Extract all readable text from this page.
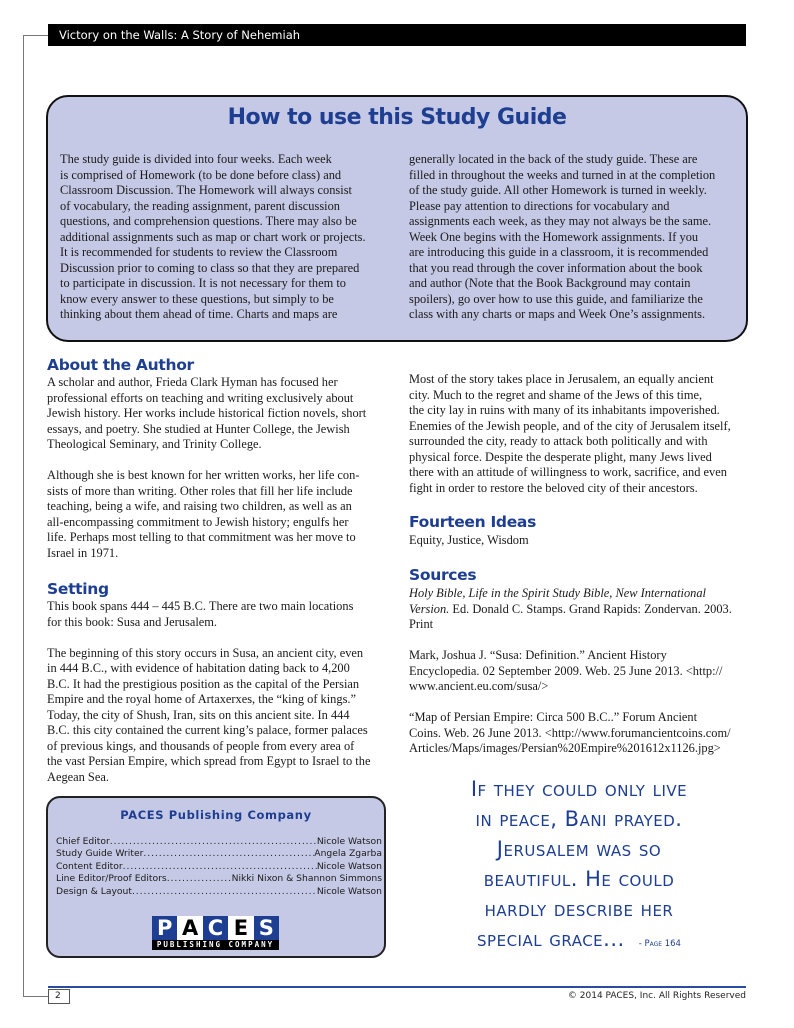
Victory on the Walls: A Story of Nehemiah
How to use this Study Guide
The study guide is divided into four weeks. Each week
is comprised of Homework (to be done before class) and
Classroom Discussion. The Homework will always consist
of vocabulary, the reading assignment, parent discussion
questions, and comprehension questions. There may also be
additional assignments such as map or chart work or projects.
It is recommended for students to review the Classroom
Discussion prior to coming to class so that they are prepared
to participate in discussion. It is not necessary for them to
know every answer to these questions, but simply to be
thinking about them ahead of time. Charts and maps are
generally located in the back of the study guide. These are
filled in throughout the weeks and turned in at the completion
of the study guide. All other Homework is turned in weekly.
Please pay attention to directions for vocabulary and
assignments each week, as they may not always be the same.
Week One begins with the Homework assignments. If you
are introducing this guide in a classroom, it is recommended
that you read through the cover information about the book
and author (Note that the Book Background may contain
spoilers), go over how to use this guide, and familiarize the
class with any charts or maps and Week One’s assignments.
About the Author
A scholar and author, Frieda Clark Hyman has focused her
professional efforts on teaching and writing exclusively about
Jewish history. Her works include historical fiction novels, short
essays, and poetry. She studied at Hunter College, the Jewish
Theological Seminary, and Trinity College.

Although she is best known for her written works, her life con-
sists of more than writing. Other roles that fill her life include
teaching, being a wife, and raising two children, as well as an
all-encompassing commitment to Jewish history; engulfs her
life. Perhaps most telling to that commitment was her move to
Israel in 1971.
Setting
This book spans 444 – 445 B.C. There are two main locations
for this book: Susa and Jerusalem.

The beginning of this story occurs in Susa, an ancient city, even
in 444 B.C., with evidence of habitation dating back to 4,200
B.C. It had the prestigious position as the capital of the Persian
Empire and the royal home of Artaxerxes, the “king of kings.”
Today, the city of Shush, Iran, sits on this ancient site. In 444
B.C. this city contained the current king’s palace, former palaces
of previous kings, and thousands of people from every area of
the vast Persian Empire, which spread from Egypt to Israel to the
Aegean Sea.
Most of the story takes place in Jerusalem, an equally ancient
city. Much to the regret and shame of the Jews of this time,
the city lay in ruins with many of its inhabitants impoverished.
Enemies of the Jewish people, and of the city of Jerusalem itself,
surrounded the city, ready to attack both politically and with
physical force. Despite the desperate plight, many Jews lived
there with an attitude of willingness to work, sacrifice, and even
fight in order to restore the beloved city of their ancestors.
Fourteen Ideas
Equity, Justice, Wisdom
Sources
Holy Bible, Life in the Spirit Study Bible, New International
Version. Ed. Donald C. Stamps. Grand Rapids: Zondervan. 2003.
Print
Mark, Joshua J. “Susa: Definition.” Ancient History
Encyclopedia. 02 September 2009. Web. 25 June 2013. <http://
www.ancient.eu.com/susa/>
“Map of Persian Empire: Circa 500 B.C..” Forum Ancient
Coins. Web. 26 June 2013. <http://www.forumancientcoins.com/
Articles/Maps/images/Persian%20Empire%201612x1126.jpg>
PACES Publishing Company
Chief Editor . . .	Nicole Watson
Study Guide Writer . . .	Angela Zgarba
Content Editor . . .	Nicole Watson
Line Editor/Proof Editors . . .	Nikki Nixon & Shannon Simmons
Design & Layout . . .	Nicole Watson
P A C E S
PUBLISHING COMPANY
If they could only live
in peace, Bani prayed.
Jerusalem was so
beautiful. He could
hardly describe her
special grace... - Page 164
2	© 2014 PACES, Inc. All Rights Reserved
